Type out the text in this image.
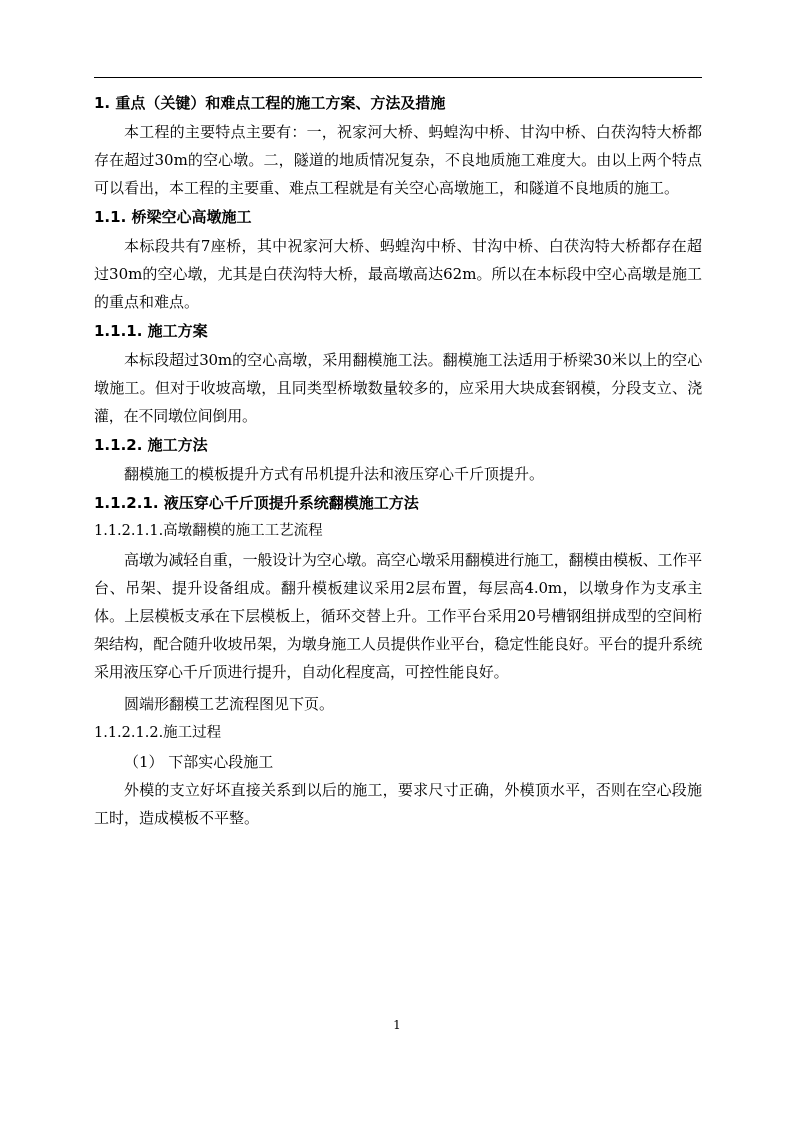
1. 重点（关键）和难点工程的施工方案、方法及措施

本工程的主要特点主要有：一，祝家河大桥、蚂蝗沟中桥、甘沟中桥、白茯沟特大桥都存在超过30m的空心墩。二，隧道的地质情况复杂，不良地质施工难度大。由以上两个特点可以看出，本工程的主要重、难点工程就是有关空心高墩施工，和隧道不良地质的施工。

1.1. 桥梁空心高墩施工

本标段共有7座桥，其中祝家河大桥、蚂蝗沟中桥、甘沟中桥、白茯沟特大桥都存在超过30m的空心墩，尤其是白茯沟特大桥，最高墩高达62m。所以在本标段中空心高墩是施工的重点和难点。

1.1.1. 施工方案

本标段超过30m的空心高墩，采用翻模施工法。翻模施工法适用于桥梁30米以上的空心墩施工。但对于收坡高墩，且同类型桥墩数量较多的，应采用大块成套钢模，分段支立、浇灌，在不同墩位间倒用。

1.1.2. 施工方法

翻模施工的模板提升方式有吊机提升法和液压穿心千斤顶提升。

1.1.2.1. 液压穿心千斤顶提升系统翻模施工方法
1.1.2.1.1.高墩翻模的施工工艺流程

高墩为减轻自重，一般设计为空心墩。高空心墩采用翻模进行施工，翻模由模板、工作平台、吊架、提升设备组成。翻升模板建议采用2层布置，每层高4.0m，以墩身作为支承主体。上层模板支承在下层模板上，循环交替上升。工作平台采用20号槽钢组拼成型的空间桁架结构，配合随升收坡吊架，为墩身施工人员提供作业平台，稳定性能良好。平台的提升系统采用液压穿心千斤顶进行提升，自动化程度高，可控性能良好。

圆端形翻模工艺流程图见下页。

1.1.2.1.2.施工过程
（1） 下部实心段施工

外模的支立好坏直接关系到以后的施工，要求尺寸正确，外模顶水平，否则在空心段施工时，造成模板不平整。

1
